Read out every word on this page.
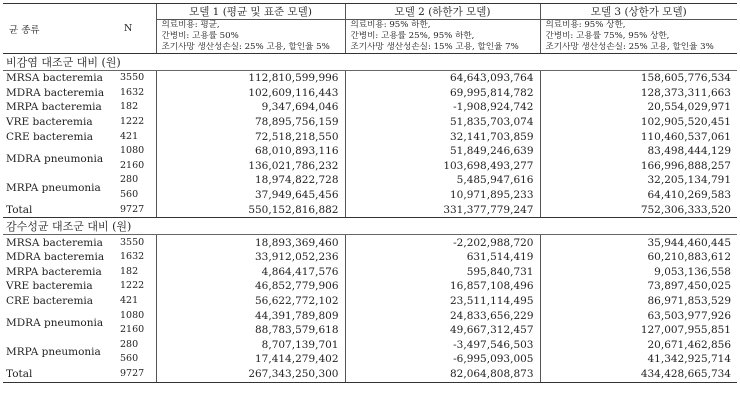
균 종류	N	모델 1 (평균 및 표준 모델)	모델 2 (하한가 모델)	모델 3 (상한가 모델)
		의료비용: 평균,	의료비용: 95% 하한,	의료비용: 95% 상한,
		간병비: 고용률 50%	간병비: 고용률 25%, 95% 하한,	간병비: 고용률 75%, 95% 상한,
		조기사망 생산성손실: 25% 고용, 할인율 5%	조기사망 생산성손실: 15% 고용, 할인율 7%	조기사망 생산성손실: 25% 고용, 할인율 3%
비감염 대조군 대비 (원)				
MRSA bacteremia	3550	112,810,599,996	64,643,093,764	158,605,776,534
MDRA bacteremia	1632	102,609,116,443	69,995,814,782	128,373,311,663
MRPA bacteremia	182	9,347,694,046	-1,908,924,742	20,554,029,971
VRE bacteremia	1222	78,895,756,159	51,835,703,074	102,905,520,451
CRE bacteremia	421	72,518,218,550	32,141,703,859	110,460,537,061
MDRA pneumonia	1080	68,010,893,116	51,849,246,639	83,498,444,129
	2160	136,021,786,232	103,698,493,277	166,996,888,257
MRPA pneumonia	280	18,974,822,728	5,485,947,616	32,205,134,791
	560	37,949,645,456	10,971,895,233	64,410,269,583
Total	9727	550,152,816,882	331,377,779,247	752,306,333,520
감수성균 대조군 대비 (원)				
MRSA bacteremia	3550	18,893,369,460	-2,202,988,720	35,944,460,445
MDRA bacteremia	1632	33,912,052,236	631,514,419	60,210,883,612
MRPA bacteremia	182	4,864,417,576	595,840,731	9,053,136,558
VRE bacteremia	1222	46,852,779,906	16,857,108,496	73,897,450,025
CRE bacteremia	421	56,622,772,102	23,511,114,495	86,971,853,529
MDRA pneumonia	1080	44,391,789,809	24,833,656,229	63,503,977,926
	2160	88,783,579,618	49,667,312,457	127,007,955,851
MRPA pneumonia	280	8,707,139,701	-3,497,546,503	20,671,462,856
	560	17,414,279,402	-6,995,093,005	41,342,925,714
Total	9727	267,343,250,300	82,064,808,873	434,428,665,734
